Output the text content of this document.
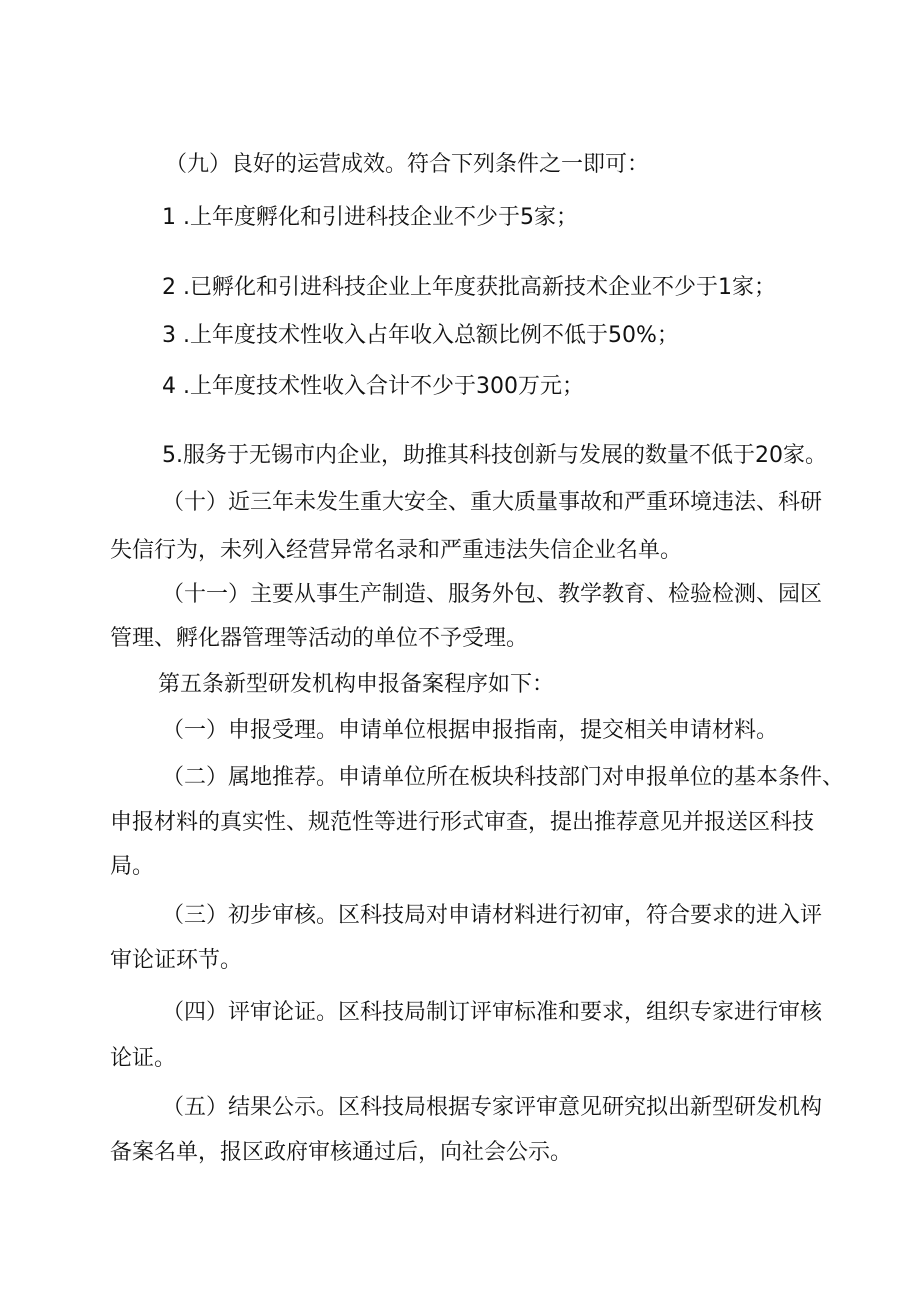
（九）良好的运营成效。符合下列条件之一即可：
1 .上年度孵化和引进科技企业不少于5家；
2 .已孵化和引进科技企业上年度获批高新技术企业不少于1家；
3 .上年度技术性收入占年收入总额比例不低于50%；
4 .上年度技术性收入合计不少于300万元；
5.服务于无锡市内企业，助推其科技创新与发展的数量不低于20家。
（十）近三年未发生重大安全、重大质量事故和严重环境违法、科研
失信行为，未列入经营异常名录和严重违法失信企业名单。
（十一）主要从事生产制造、服务外包、教学教育、检验检测、园区
管理、孵化器管理等活动的单位不予受理。
第五条新型研发机构申报备案程序如下：
（一）申报受理。申请单位根据申报指南，提交相关申请材料。
（二）属地推荐。申请单位所在板块科技部门对申报单位的基本条件、
申报材料的真实性、规范性等进行形式审查，提出推荐意见并报送区科技
局。
（三）初步审核。区科技局对申请材料进行初审，符合要求的进入评
审论证环节。
（四）评审论证。区科技局制订评审标准和要求，组织专家进行审核
论证。
（五）结果公示。区科技局根据专家评审意见研究拟出新型研发机构
备案名单，报区政府审核通过后，向社会公示。
